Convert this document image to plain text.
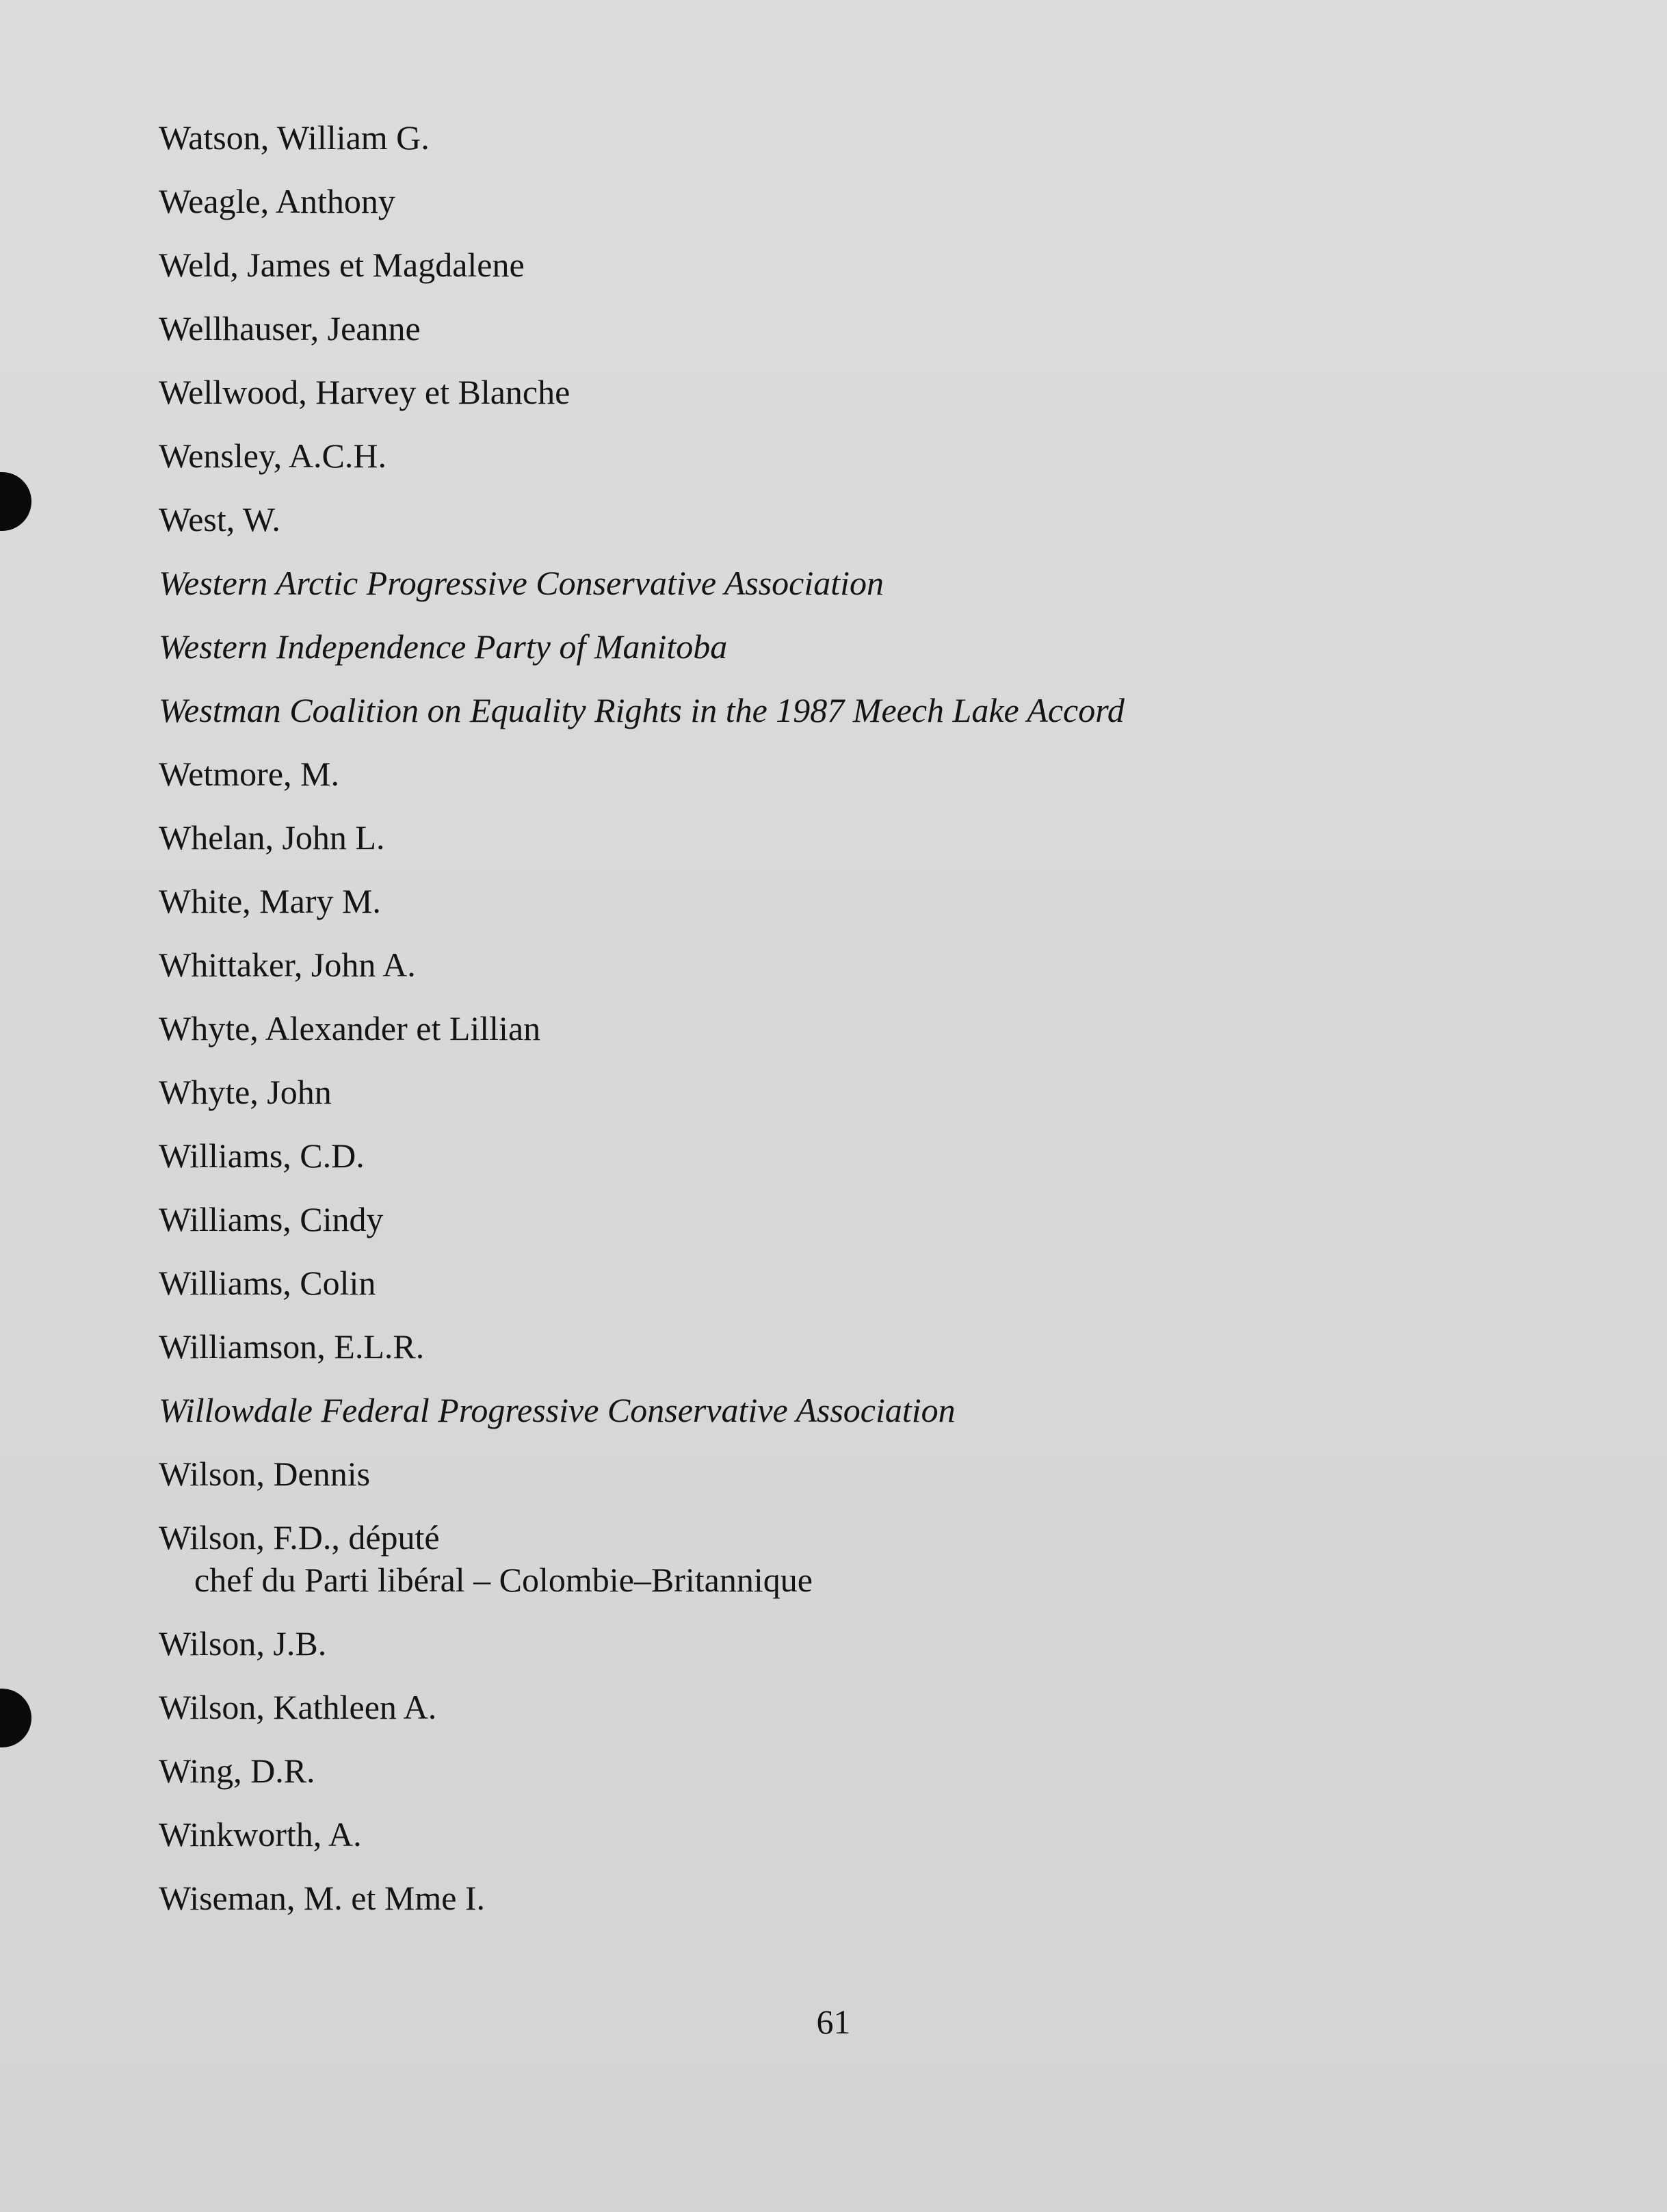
Watson, William G.
Weagle, Anthony
Weld, James et Magdalene
Wellhauser, Jeanne
Wellwood, Harvey et Blanche
Wensley, A.C.H.
West, W.
Western Arctic Progressive Conservative Association
Western Independence Party of Manitoba
Westman Coalition on Equality Rights in the 1987 Meech Lake Accord
Wetmore, M.
Whelan, John L.
White, Mary M.
Whittaker, John A.
Whyte, Alexander et Lillian
Whyte, John
Williams, C.D.
Williams, Cindy
Williams, Colin
Williamson, E.L.R.
Willowdale Federal Progressive Conservative Association
Wilson, Dennis
Wilson, F.D., député
chef du Parti libéral – Colombie–Britannique
Wilson, J.B.
Wilson, Kathleen A.
Wing, D.R.
Winkworth, A.
Wiseman, M. et Mme I.
61
